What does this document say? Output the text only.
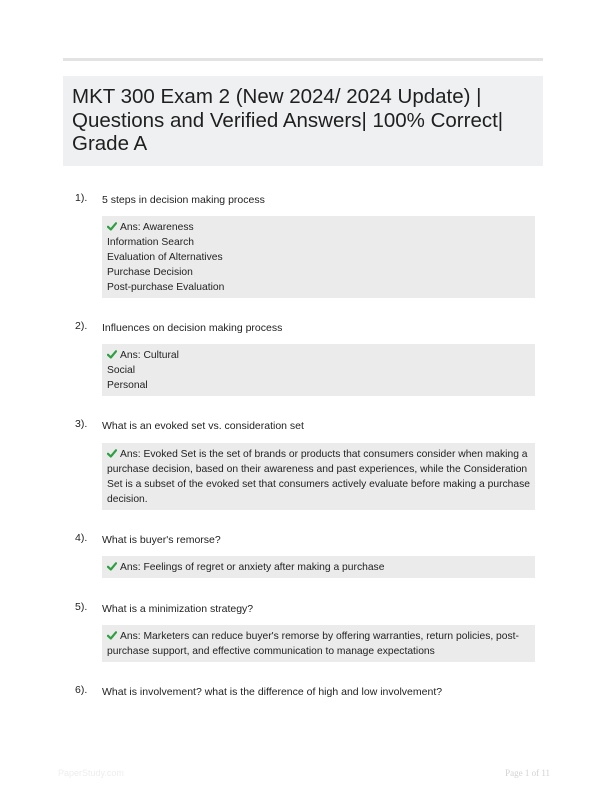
MKT 300 Exam 2 (New 2024/ 2024 Update) | Questions and Verified Answers| 100% Correct| Grade A
1). 5 steps in decision making process
Ans: Awareness
Information Search
Evaluation of Alternatives
Purchase Decision
Post-purchase Evaluation
2). Influences on decision making process
Ans: Cultural
Social
Personal
3). What is an evoked set vs. consideration set
Ans: Evoked Set is the set of brands or products that consumers consider when making a purchase decision, based on their awareness and past experiences, while the Consideration Set is a subset of the evoked set that consumers actively evaluate before making a purchase decision.
4). What is buyer's remorse?
Ans: Feelings of regret or anxiety after making a purchase
5). What is a minimization strategy?
Ans: Marketers can reduce buyer's remorse by offering warranties, return policies, post-purchase support, and effective communication to manage expectations
6). What is involvement? what is the difference of high and low involvement?
PaperStudy.com	Page 1 of 11
